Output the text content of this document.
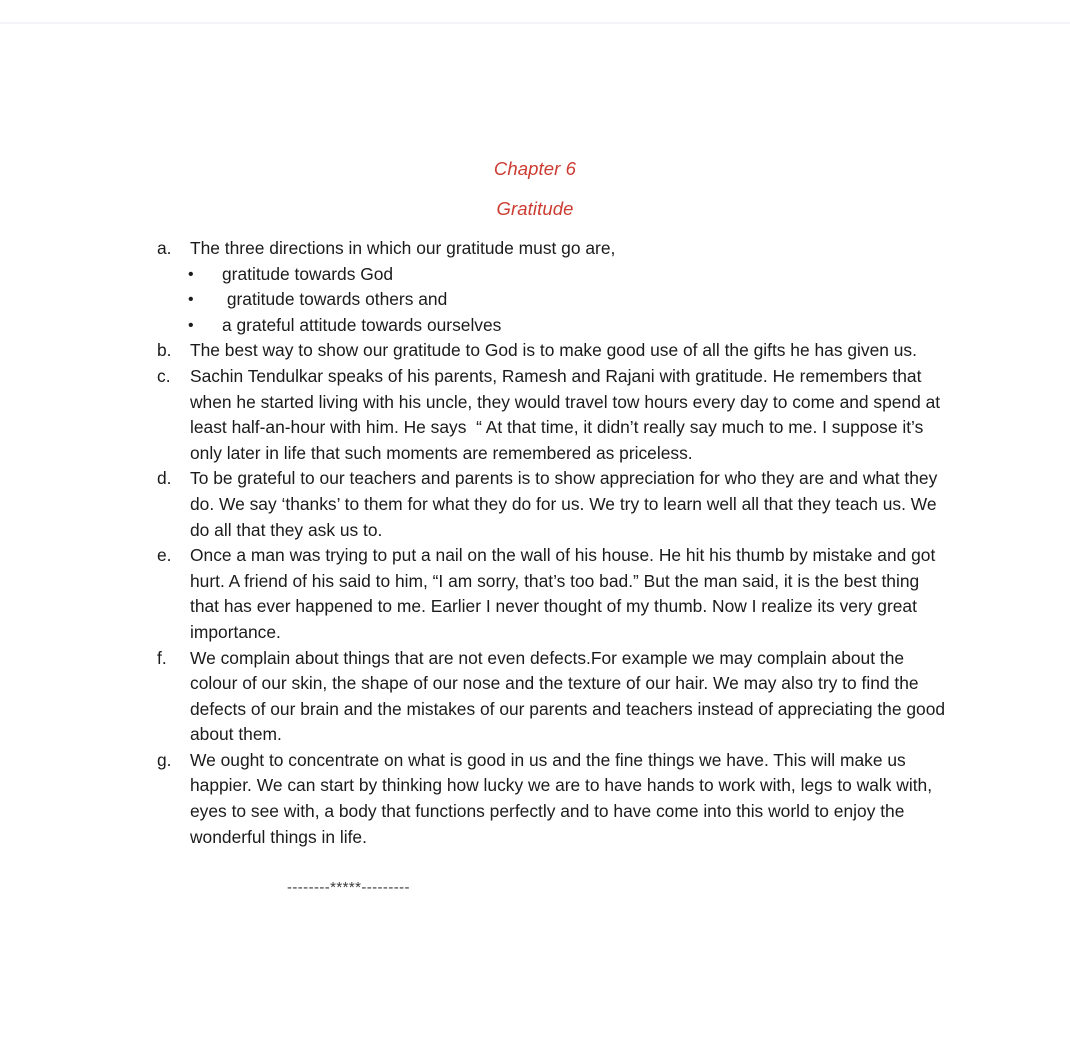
Chapter 6
Gratitude
a.	The three directions in which our gratitude must go are,
•	gratitude towards God
•	gratitude towards others and
•	a grateful attitude towards ourselves
b.	The best way to show our gratitude to God is to make good use of all the gifts he has given us.
c.	Sachin Tendulkar speaks of his parents, Ramesh and Rajani with gratitude. He remembers that when he started living with his uncle, they would travel tow hours every day to come and spend at least half-an-hour with him. He says  “ At that time, it didn’t really say much to me. I suppose it’s only later in life that such moments are remembered as priceless.
d.	To be grateful to our teachers and parents is to show appreciation for who they are and what they do. We say ‘thanks’ to them for what they do for us. We try to learn well all that they teach us. We do all that they ask us to.
e.	Once a man was trying to put a nail on the wall of his house. He hit his thumb by mistake and got hurt. A friend of his said to him, “I am sorry, that’s too bad.” But the man said, it is the best thing that has ever happened to me. Earlier I never thought of my thumb. Now I realize its very great importance.
f.	We complain about things that are not even defects.For example we may complain about the colour of our skin, the shape of our nose and the texture of our hair. We may also try to find the defects of our brain and the mistakes of our parents and teachers instead of appreciating the good about them.
g.	We ought to concentrate on what is good in us and the fine things we have. This will make us happier. We can start by thinking how lucky we are to have hands to work with, legs to walk with, eyes to see with, a body that functions perfectly and to have come into this world to enjoy the wonderful things in life.
--------*****---------
